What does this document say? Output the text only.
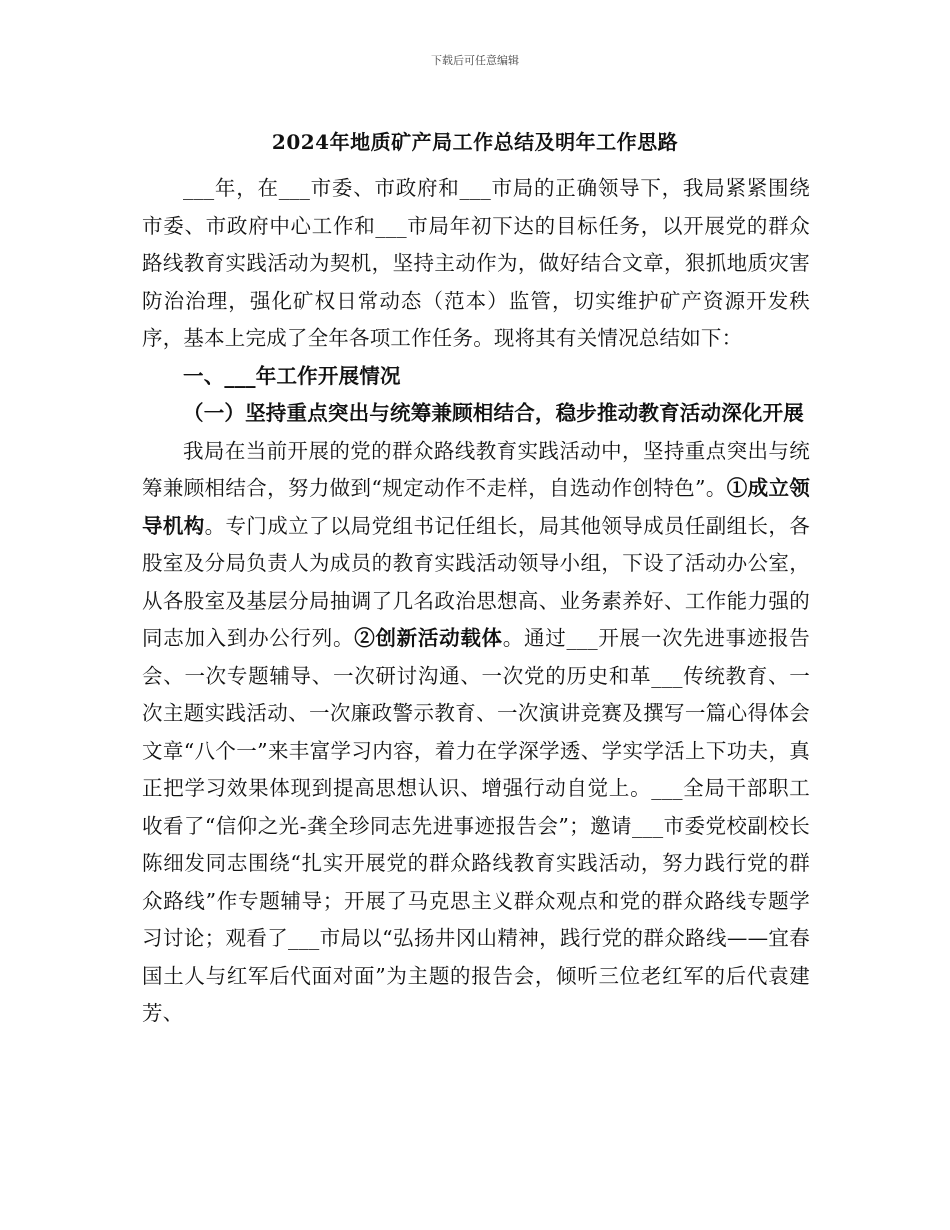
下载后可任意编辑
2024年地质矿产局工作总结及明年工作思路

___年，在___市委、市政府和___市局的正确领导下，我局紧紧围绕市委、市政府中心工作和___市局年初下达的目标任务，以开展党的群众路线教育实践活动为契机，坚持主动作为，做好结合文章，狠抓地质灾害防治治理，强化矿权日常动态（范本）监管，切实维护矿产资源开发秩序，基本上完成了全年各项工作任务。现将其有关情况总结如下：

一、___年工作开展情况

（一）坚持重点突出与统筹兼顾相结合，稳步推动教育活动深化开展

我局在当前开展的党的群众路线教育实践活动中，坚持重点突出与统筹兼顾相结合，努力做到“规定动作不走样，自选动作创特色”。①成立领导机构。专门成立了以局党组书记任组长，局其他领导成员任副组长，各股室及分局负责人为成员的教育实践活动领导小组，下设了活动办公室，从各股室及基层分局抽调了几名政治思想高、业务素养好、工作能力强的同志加入到办公行列。②创新活动载体。通过___开展一次先进事迹报告会、一次专题辅导、一次研讨沟通、一次党的历史和革___传统教育、一次主题实践活动、一次廉政警示教育、一次演讲竞赛及撰写一篇心得体会文章“八个一”来丰富学习内容，着力在学深学透、学实学活上下功夫，真正把学习效果体现到提高思想认识、增强行动自觉上。___全局干部职工收看了“信仰之光-龚全珍同志先进事迹报告会”；邀请___市委党校副校长陈细发同志围绕“扎实开展党的群众路线教育实践活动，努力践行党的群众路线”作专题辅导；开展了马克思主义群众观点和党的群众路线专题学习讨论；观看了___市局以“弘扬井冈山精神，践行党的群众路线——宜春国土人与红军后代面对面”为主题的报告会，倾听三位老红军的后代袁建芳、
